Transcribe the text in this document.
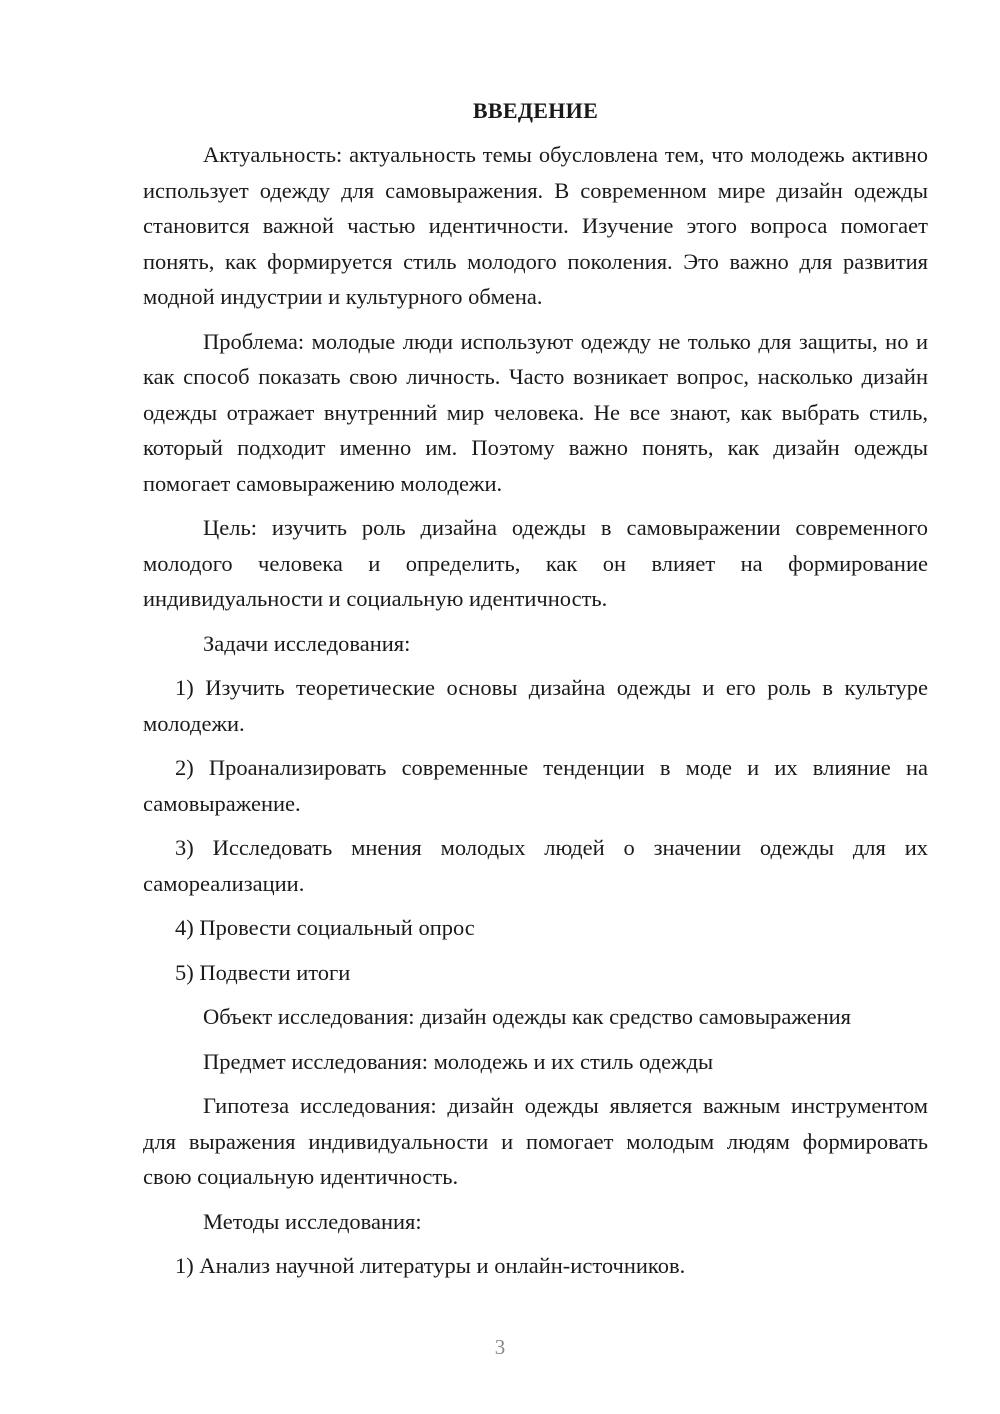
ВВЕДЕНИЕ

Актуальность: актуальность темы обусловлена тем, что молодежь активно использует одежду для самовыражения. В современном мире дизайн одежды становится важной частью идентичности. Изучение этого вопроса помогает понять, как формируется стиль молодого поколения. Это важно для развития модной индустрии и культурного обмена.

Проблема: молодые люди используют одежду не только для защиты, но и как способ показать свою личность. Часто возникает вопрос, насколько дизайн одежды отражает внутренний мир человека. Не все знают, как выбрать стиль, который подходит именно им. Поэтому важно понять, как дизайн одежды помогает самовыражению молодежи.

Цель: изучить роль дизайна одежды в самовыражении современного молодого человека и определить, как он влияет на формирование индивидуальности и социальную идентичность.

Задачи исследования:

1) Изучить теоретические основы дизайна одежды и его роль в культуре молодежи.

2) Проанализировать современные тенденции в моде и их влияние на самовыражение.

3) Исследовать мнения молодых людей о значении одежды для их самореализации.

4) Провести социальный опрос

5) Подвести итоги

Объект исследования: дизайн одежды как средство самовыражения

Предмет исследования: молодежь и их стиль одежды

Гипотеза исследования: дизайн одежды является важным инструментом для выражения индивидуальности и помогает молодым людям формировать свою социальную идентичность.

Методы исследования:

1) Анализ научной литературы и онлайн-источников.

3
